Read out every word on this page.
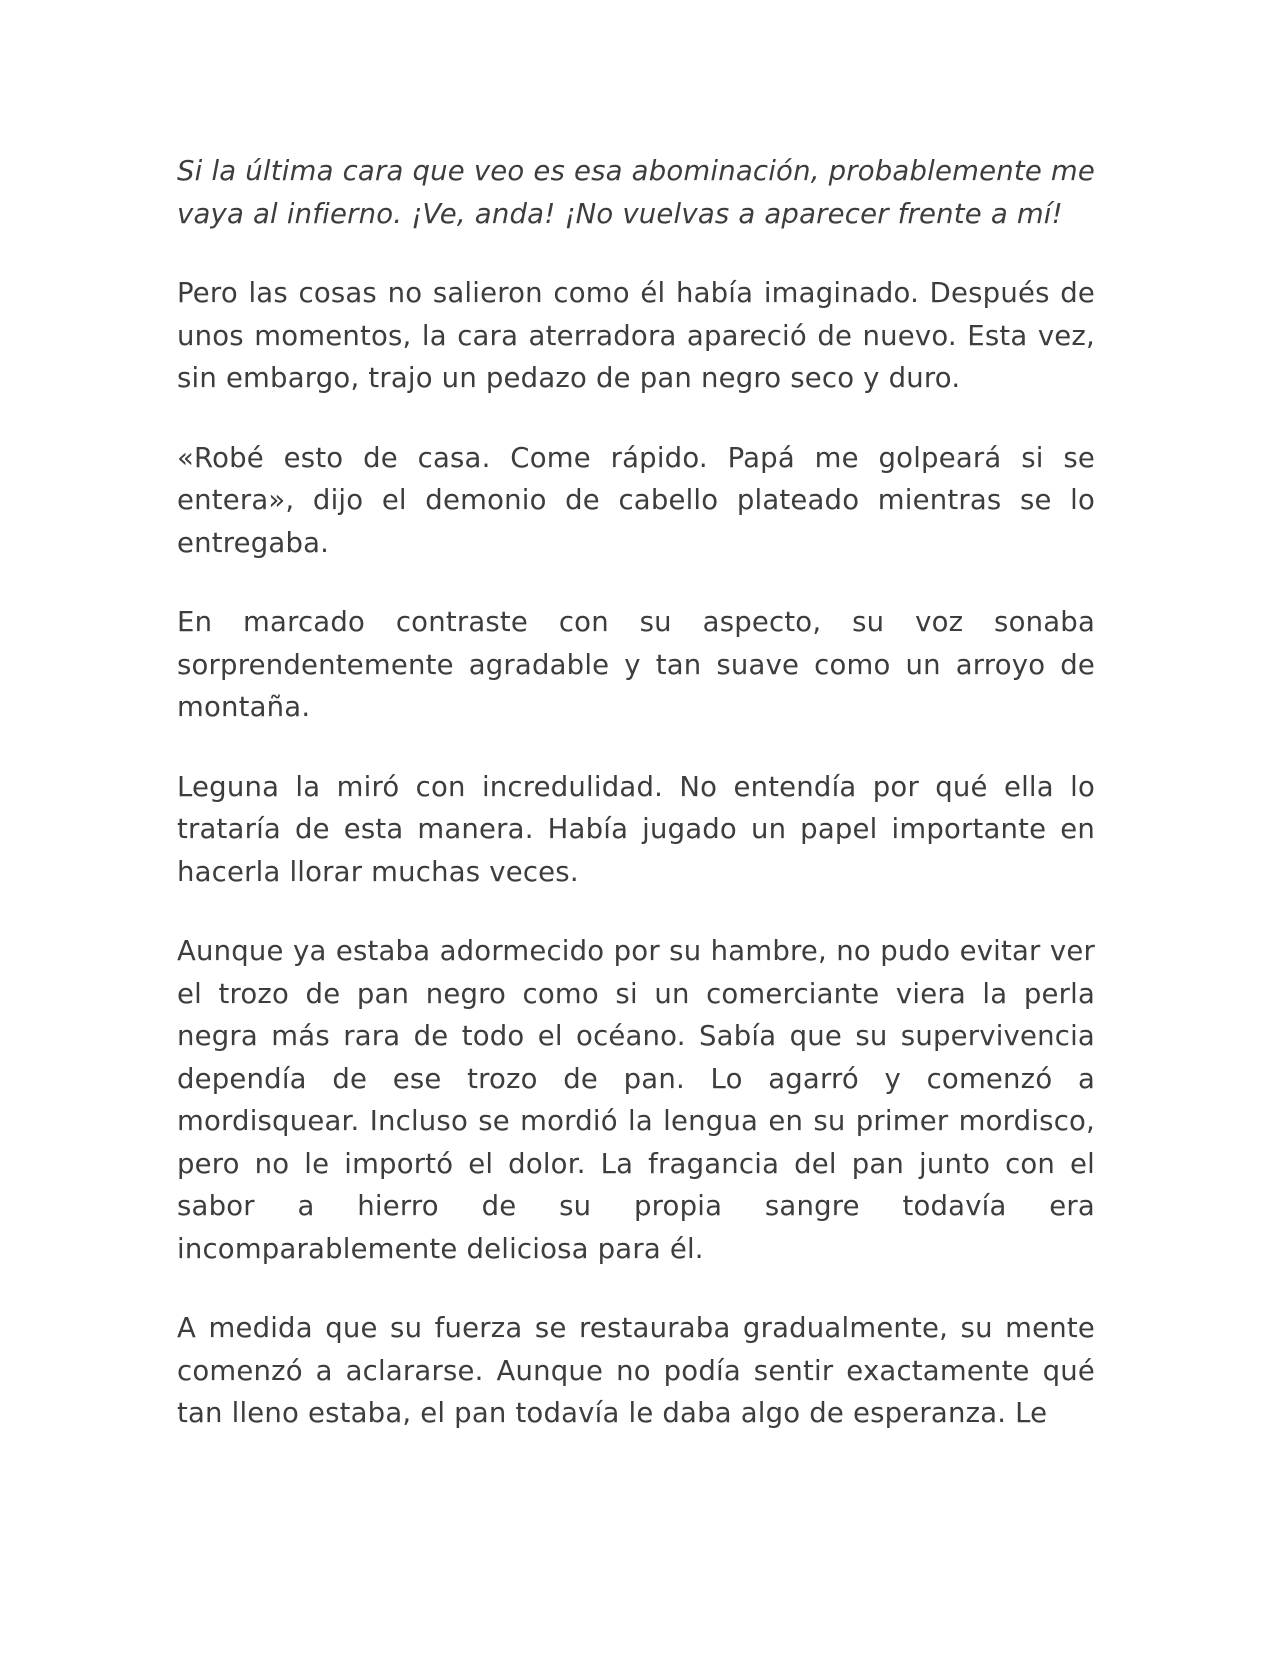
Si la última cara que veo es esa abominación, probablemente me vaya al infierno. ¡Ve, anda! ¡No vuelvas a aparecer frente a mí!

Pero las cosas no salieron como él había imaginado. Después de unos momentos, la cara aterradora apareció de nuevo. Esta vez, sin embargo, trajo un pedazo de pan negro seco y duro.

«Robé esto de casa. Come rápido. Papá me golpeará si se entera», dijo el demonio de cabello plateado mientras se lo entregaba.

En marcado contraste con su aspecto, su voz sonaba sorprendentemente agradable y tan suave como un arroyo de montaña.

Leguna la miró con incredulidad. No entendía por qué ella lo trataría de esta manera. Había jugado un papel importante en hacerla llorar muchas veces.

Aunque ya estaba adormecido por su hambre, no pudo evitar ver el trozo de pan negro como si un comerciante viera la perla negra más rara de todo el océano. Sabía que su supervivencia dependía de ese trozo de pan. Lo agarró y comenzó a mordisquear. Incluso se mordió la lengua en su primer mordisco, pero no le importó el dolor. La fragancia del pan junto con el sabor a hierro de su propia sangre todavía era incomparablemente deliciosa para él.

A medida que su fuerza se restauraba gradualmente, su mente comenzó a aclararse. Aunque no podía sentir exactamente qué tan lleno estaba, el pan todavía le daba algo de esperanza. Le
